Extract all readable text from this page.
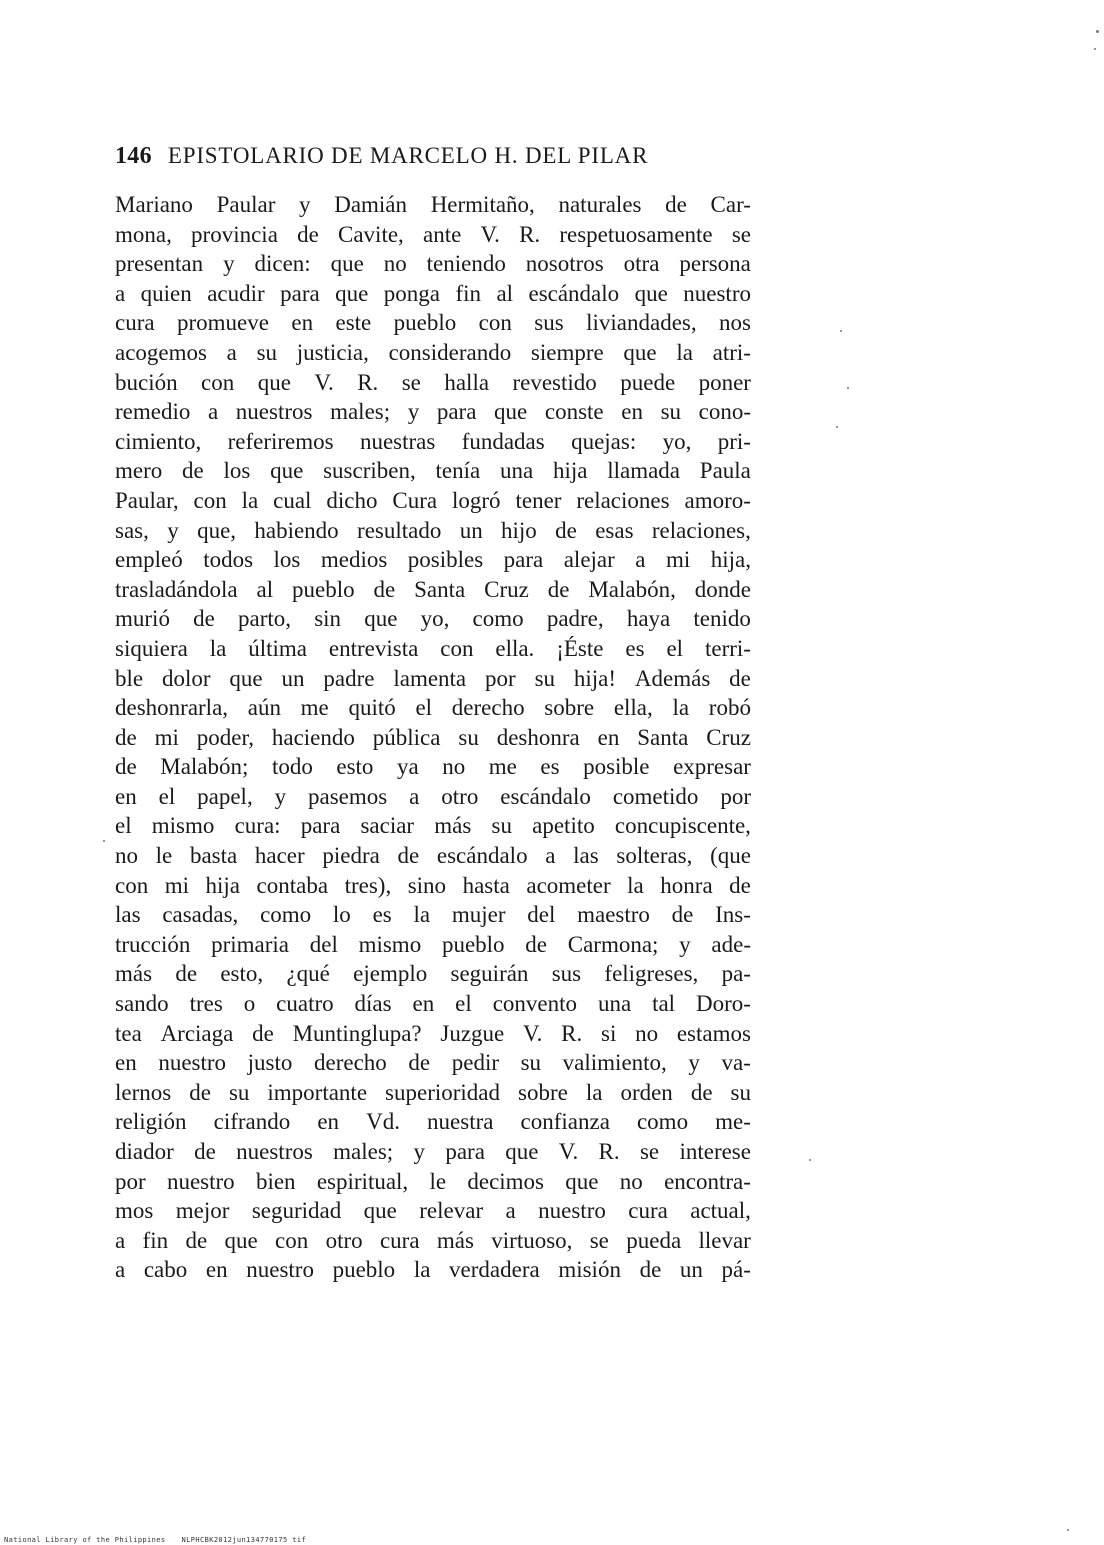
146 EPISTOLARIO DE MARCELO H. DEL PILAR
Mariano Paular y Damián Hermitaño, naturales de Car-
mona, provincia de Cavite, ante V. R. respetuosamente se
presentan y dicen: que no teniendo nosotros otra persona
a quien acudir para que ponga fin al escándalo que nuestro
cura promueve en este pueblo con sus liviandades, nos
acogemos a su justicia, considerando siempre que la atri-
bución con que V. R. se halla revestido puede poner
remedio a nuestros males; y para que conste en su cono-
cimiento, referiremos nuestras fundadas quejas: yo, pri-
mero de los que suscriben, tenía una hija llamada Paula
Paular, con la cual dicho Cura logró tener relaciones amoro-
sas, y que, habiendo resultado un hijo de esas relaciones,
empleó todos los medios posibles para alejar a mi hija,
trasladándola al pueblo de Santa Cruz de Malabón, donde
murió de parto, sin que yo, como padre, haya tenido
siquiera la última entrevista con ella. ¡Éste es el terri-
ble dolor que un padre lamenta por su hija! Además de
deshonrarla, aún me quitó el derecho sobre ella, la robó
de mi poder, haciendo pública su deshonra en Santa Cruz
de Malabón; todo esto ya no me es posible expresar
en el papel, y pasemos a otro escándalo cometido por
el mismo cura: para saciar más su apetito concupiscente,
no le basta hacer piedra de escándalo a las solteras, (que
con mi hija contaba tres), sino hasta acometer la honra de
las casadas, como lo es la mujer del maestro de Ins-
trucción primaria del mismo pueblo de Carmona; y ade-
más de esto, ¿qué ejemplo seguirán sus feligreses, pa-
sando tres o cuatro días en el convento una tal Doro-
tea Arciaga de Muntinglupa? Juzgue V. R. si no estamos
en nuestro justo derecho de pedir su valimiento, y va-
lernos de su importante superioridad sobre la orden de su
religión cifrando en Vd. nuestra confianza como me-
diador de nuestros males; y para que V. R. se interese
por nuestro bien espiritual, le decimos que no encontra-
mos mejor seguridad que relevar a nuestro cura actual,
a fin de que con otro cura más virtuoso, se pueda llevar
a cabo en nuestro pueblo la verdadera misión de un pá-
National Library of the Philippines NLPHCBK2012jun134770175 tif
